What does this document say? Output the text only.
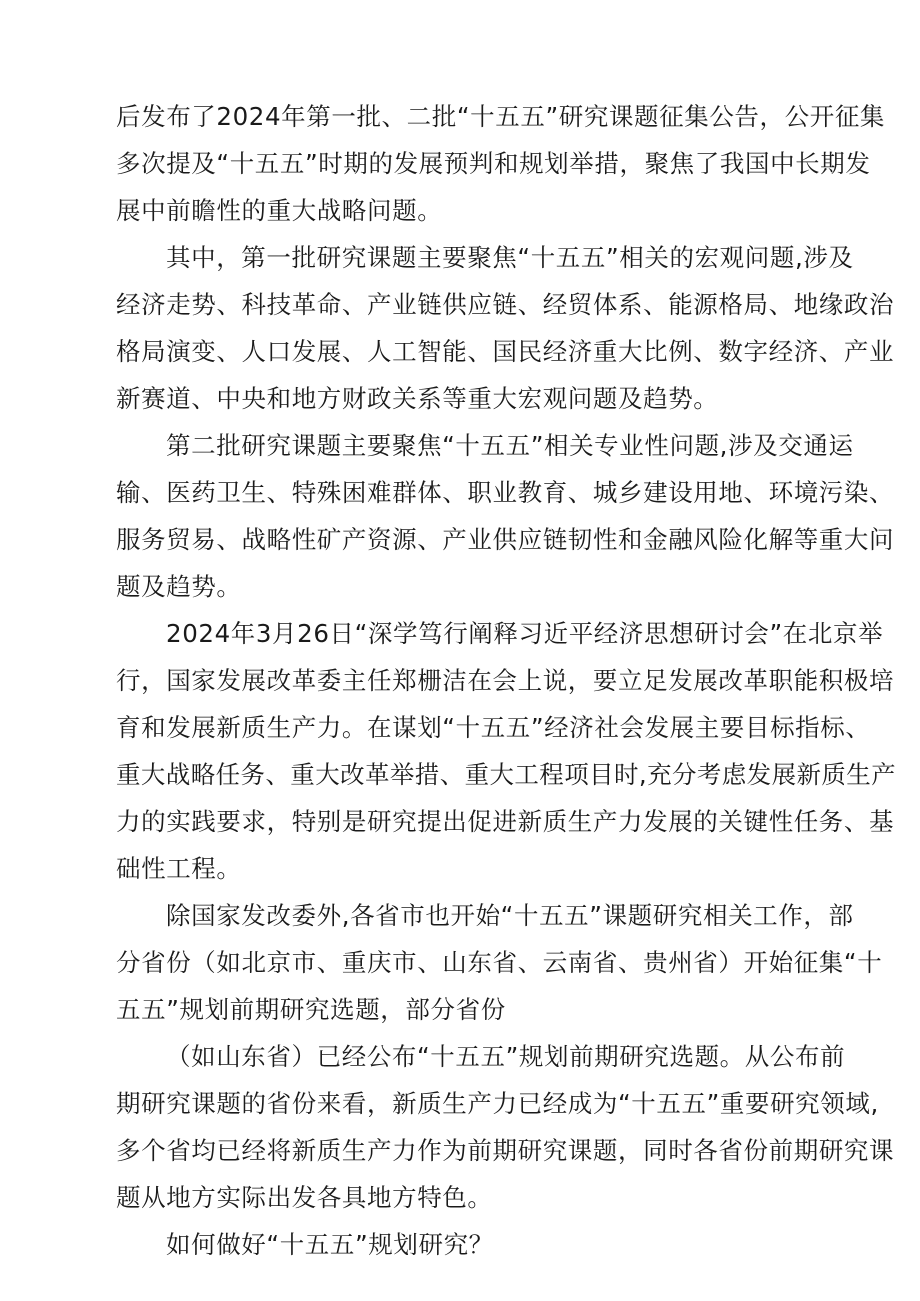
后发布了2024年第一批、二批“十五五”研究课题征集公告，公开征集
多次提及“十五五”时期的发展预判和规划举措，聚焦了我国中长期发
展中前瞻性的重大战略问题。
其中，第一批研究课题主要聚焦“十五五”相关的宏观问题,涉及
经济走势、科技革命、产业链供应链、经贸体系、能源格局、地缘政治
格局演变、人口发展、人工智能、国民经济重大比例、数字经济、产业
新赛道、中央和地方财政关系等重大宏观问题及趋势。
第二批研究课题主要聚焦“十五五”相关专业性问题,涉及交通运
输、医药卫生、特殊困难群体、职业教育、城乡建设用地、环境污染、
服务贸易、战略性矿产资源、产业供应链韧性和金融风险化解等重大问
题及趋势。
2024年3月26日“深学笃行阐释习近平经济思想研讨会”在北京举
行，国家发展改革委主任郑栅洁在会上说，要立足发展改革职能积极培
育和发展新质生产力。在谋划“十五五”经济社会发展主要目标指标、
重大战略任务、重大改革举措、重大工程项目时,充分考虑发展新质生产
力的实践要求，特别是研究提出促进新质生产力发展的关键性任务、基
础性工程。
除国家发改委外,各省市也开始“十五五”课题研究相关工作，部
分省份（如北京市、重庆市、山东省、云南省、贵州省）开始征集“十
五五”规划前期研究选题，部分省份
（如山东省）已经公布“十五五”规划前期研究选题。从公布前
期研究课题的省份来看，新质生产力已经成为“十五五”重要研究领域,
多个省均已经将新质生产力作为前期研究课题，同时各省份前期研究课
题从地方实际出发各具地方特色。
如何做好“十五五”规划研究？
